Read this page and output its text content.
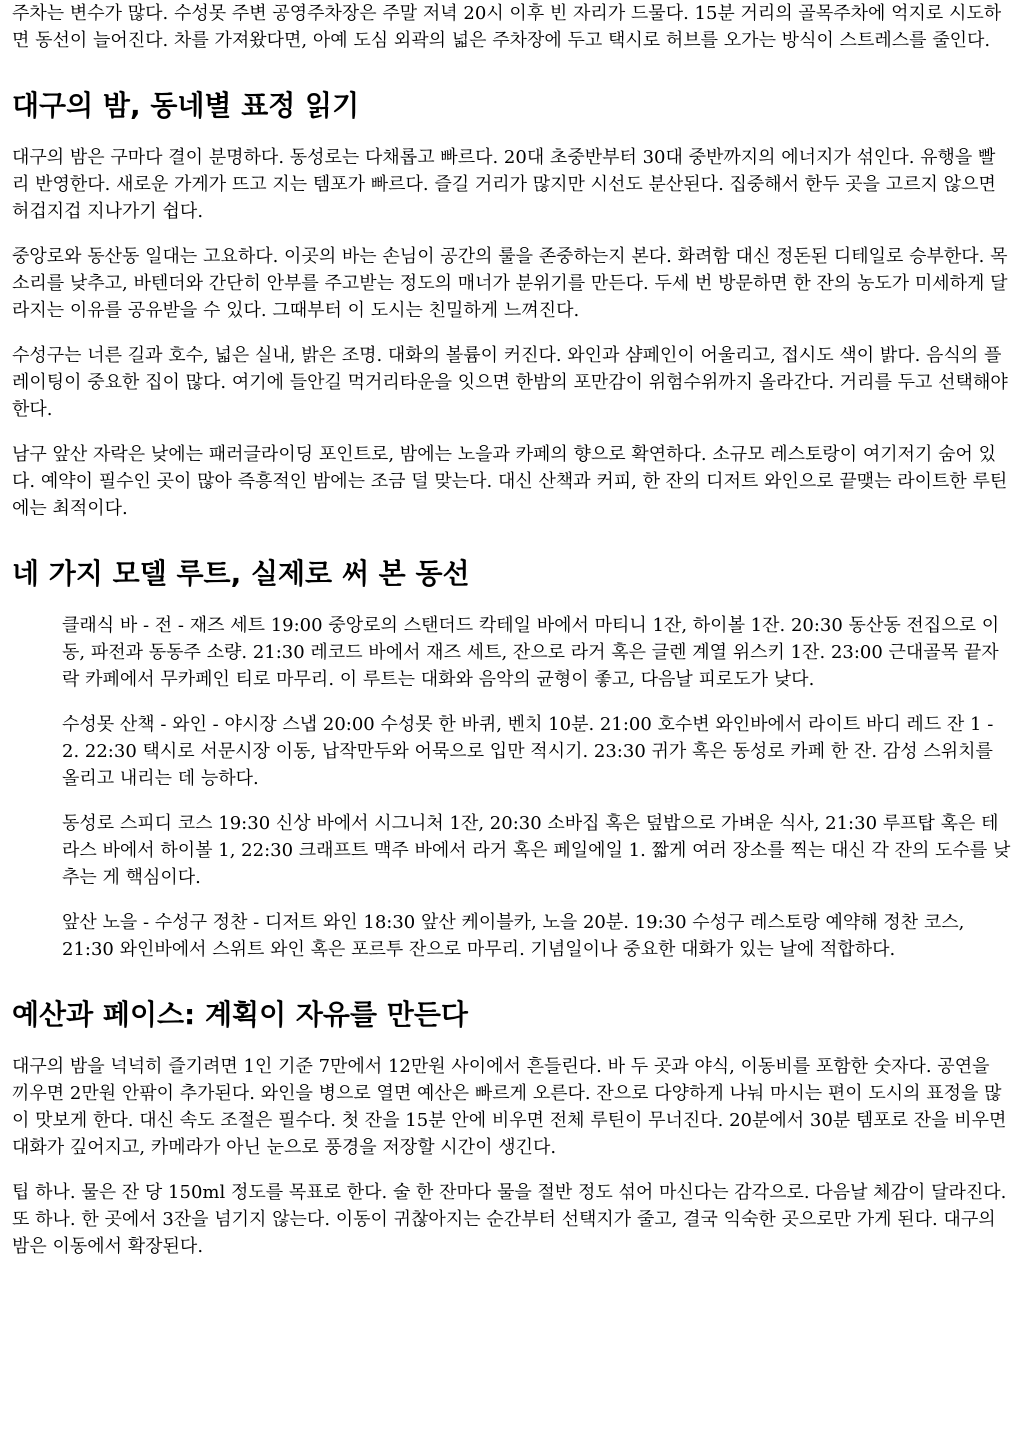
주차는 변수가 많다. 수성못 주변 공영주차장은 주말 저녁 20시 이후 빈 자리가 드물다. 15분 거리의 골목주차에 억지로 시도하면 동선이 늘어진다. 차를 가져왔다면, 아예 도심 외곽의 넓은 주차장에 두고 택시로 허브를 오가는 방식이 스트레스를 줄인다.

대구의 밤, 동네별 표정 읽기

대구의 밤은 구마다 결이 분명하다. 동성로는 다채롭고 빠르다. 20대 초중반부터 30대 중반까지의 에너지가 섞인다. 유행을 빨리 반영한다. 새로운 가게가 뜨고 지는 템포가 빠르다. 즐길 거리가 많지만 시선도 분산된다. 집중해서 한두 곳을 고르지 않으면 허겁지겁 지나가기 쉽다.

중앙로와 동산동 일대는 고요하다. 이곳의 바는 손님이 공간의 룰을 존중하는지 본다. 화려함 대신 정돈된 디테일로 승부한다. 목소리를 낮추고, 바텐더와 간단히 안부를 주고받는 정도의 매너가 분위기를 만든다. 두세 번 방문하면 한 잔의 농도가 미세하게 달라지는 이유를 공유받을 수 있다. 그때부터 이 도시는 친밀하게 느껴진다.

수성구는 너른 길과 호수, 넓은 실내, 밝은 조명. 대화의 볼륨이 커진다. 와인과 샴페인이 어울리고, 접시도 색이 밝다. 음식의 플레이팅이 중요한 집이 많다. 여기에 들안길 먹거리타운을 잇으면 한밤의 포만감이 위험수위까지 올라간다. 거리를 두고 선택해야 한다.

남구 앞산 자락은 낮에는 패러글라이딩 포인트로, 밤에는 노을과 카페의 향으로 확연하다. 소규모 레스토랑이 여기저기 숨어 있다. 예약이 필수인 곳이 많아 즉흥적인 밤에는 조금 덜 맞는다. 대신 산책과 커피, 한 잔의 디저트 와인으로 끝맺는 라이트한 루틴에는 최적이다.

네 가지 모델 루트, 실제로 써 본 동선

클래식 바 - 전 - 재즈 세트 19:00 중앙로의 스탠더드 칵테일 바에서 마티니 1잔, 하이볼 1잔. 20:30 동산동 전집으로 이동, 파전과 동동주 소량. 21:30 레코드 바에서 재즈 세트, 잔으로 라거 혹은 글렌 계열 위스키 1잔. 23:00 근대골목 끝자락 카페에서 무카페인 티로 마무리. 이 루트는 대화와 음악의 균형이 좋고, 다음날 피로도가 낮다.

수성못 산책 - 와인 - 야시장 스냅 20:00 수성못 한 바퀴, 벤치 10분. 21:00 호수변 와인바에서 라이트 바디 레드 잔 1 - 2. 22:30 택시로 서문시장 이동, 납작만두와 어묵으로 입만 적시기. 23:30 귀가 혹은 동성로 카페 한 잔. 감성 스위치를 올리고 내리는 데 능하다.

동성로 스피디 코스 19:30 신상 바에서 시그니처 1잔, 20:30 소바집 혹은 덮밥으로 가벼운 식사, 21:30 루프탑 혹은 테라스 바에서 하이볼 1, 22:30 크래프트 맥주 바에서 라거 혹은 페일에일 1. 짧게 여러 장소를 찍는 대신 각 잔의 도수를 낮추는 게 핵심이다.

앞산 노을 - 수성구 정찬 - 디저트 와인 18:30 앞산 케이블카, 노을 20분. 19:30 수성구 레스토랑 예약해 정찬 코스, 21:30 와인바에서 스위트 와인 혹은 포르투 잔으로 마무리. 기념일이나 중요한 대화가 있는 날에 적합하다.

예산과 페이스: 계획이 자유를 만든다

대구의 밤을 넉넉히 즐기려면 1인 기준 7만에서 12만원 사이에서 흔들린다. 바 두 곳과 야식, 이동비를 포함한 숫자다. 공연을 끼우면 2만원 안팎이 추가된다. 와인을 병으로 열면 예산은 빠르게 오른다. 잔으로 다양하게 나눠 마시는 편이 도시의 표정을 많이 맛보게 한다. 대신 속도 조절은 필수다. 첫 잔을 15분 안에 비우면 전체 루틴이 무너진다. 20분에서 30분 템포로 잔을 비우면 대화가 깊어지고, 카메라가 아닌 눈으로 풍경을 저장할 시간이 생긴다.

팁 하나. 물은 잔 당 150ml 정도를 목표로 한다. 술 한 잔마다 물을 절반 정도 섞어 마신다는 감각으로. 다음날 체감이 달라진다. 또 하나. 한 곳에서 3잔을 넘기지 않는다. 이동이 귀찮아지는 순간부터 선택지가 줄고, 결국 익숙한 곳으로만 가게 된다. 대구의 밤은 이동에서 확장된다.
